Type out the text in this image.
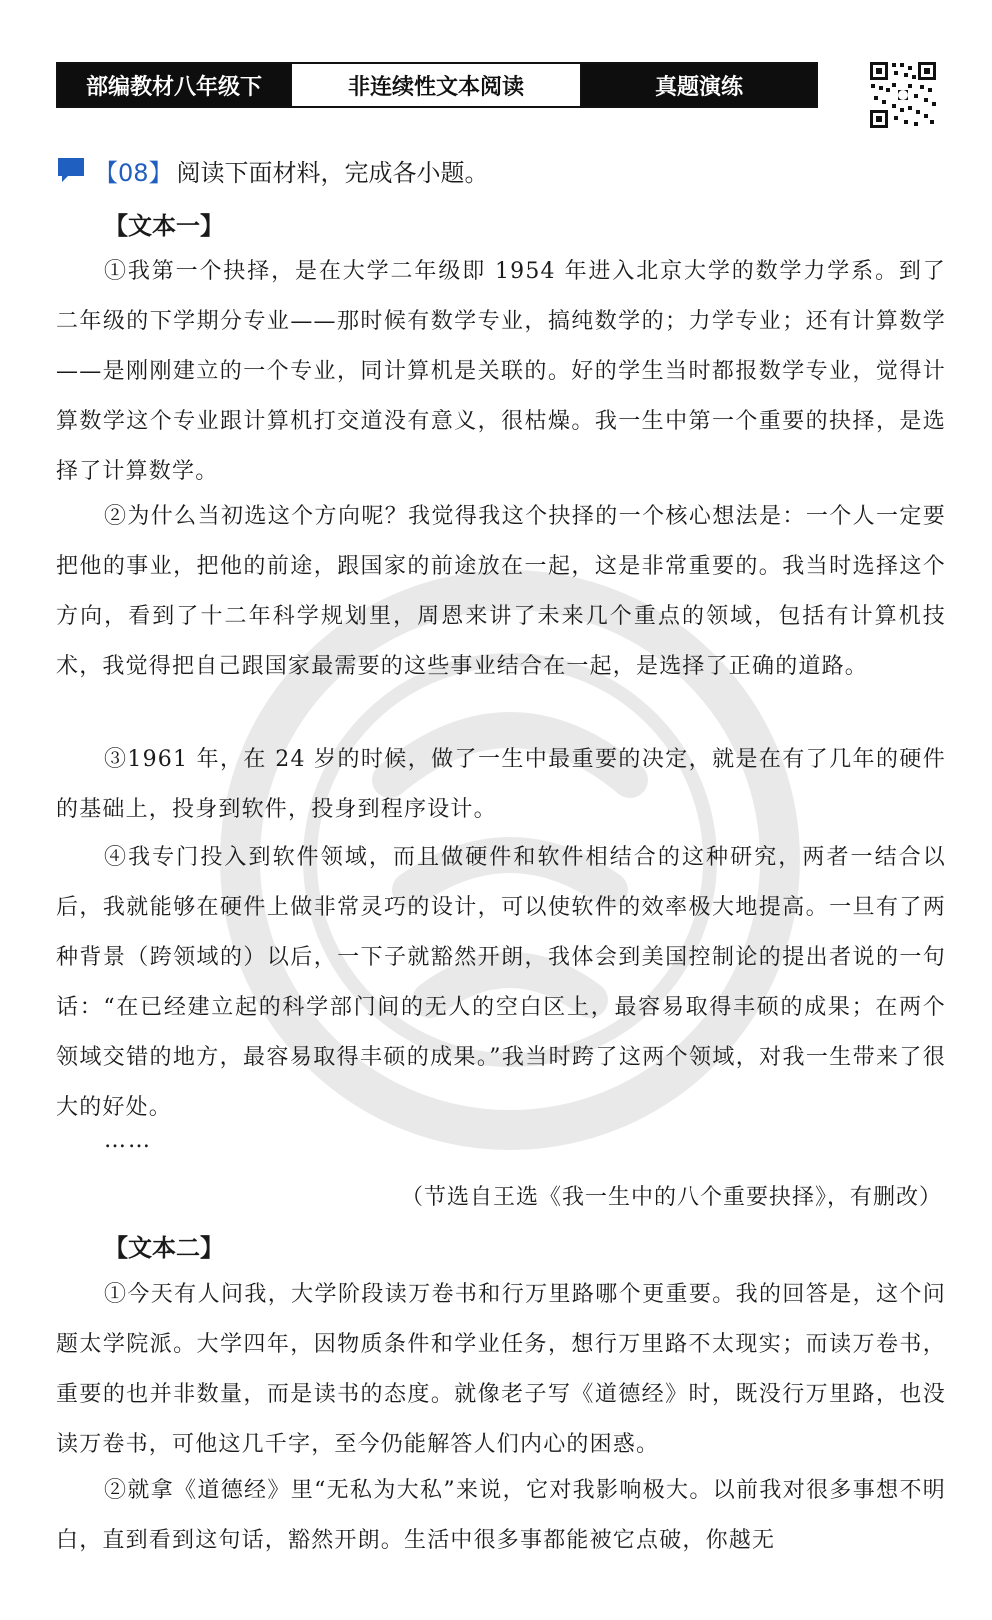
部编教材八年级下	非连续性文本阅读	真题演练
【08】 阅读下面材料，完成各小题。
【文本一】
①我第一个抉择，是在大学二年级即 1954 年进入北京大学的数学力学系。到了二年级的下学期分专业——那时候有数学专业，搞纯数学的；力学专业；还有计算数学——是刚刚建立的一个专业，同计算机是关联的。好的学生当时都报数学专业，觉得计算数学这个专业跟计算机打交道没有意义，很枯燥。我一生中第一个重要的抉择，是选择了计算数学。
②为什么当初选这个方向呢？我觉得我这个抉择的一个核心想法是：一个人一定要把他的事业，把他的前途，跟国家的前途放在一起，这是非常重要的。我当时选择这个方向，看到了十二年科学规划里，周恩来讲了未来几个重点的领域，包括有计算机技术，我觉得把自己跟国家最需要的这些事业结合在一起，是选择了正确的道路。
③1961 年，在 24 岁的时候，做了一生中最重要的决定，就是在有了几年的硬件的基础上，投身到软件，投身到程序设计。
④我专门投入到软件领域，而且做硬件和软件相结合的这种研究，两者一结合以后，我就能够在硬件上做非常灵巧的设计，可以使软件的效率极大地提高。一旦有了两种背景（跨领域的）以后，一下子就豁然开朗，我体会到美国控制论的提出者说的一句话：“在已经建立起的科学部门间的无人的空白区上，最容易取得丰硕的成果；在两个领域交错的地方，最容易取得丰硕的成果。”我当时跨了这两个领域，对我一生带来了很大的好处。
……
（节选自王选《我一生中的八个重要抉择》，有删改）
【文本二】
①今天有人问我，大学阶段读万卷书和行万里路哪个更重要。我的回答是，这个问题太学院派。大学四年，因物质条件和学业任务，想行万里路不太现实；而读万卷书，重要的也并非数量，而是读书的态度。就像老子写《道德经》时，既没行万里路，也没读万卷书，可他这几千字，至今仍能解答人们内心的困惑。
②就拿《道德经》里“无私为大私”来说，它对我影响极大。以前我对很多事想不明白，直到看到这句话，豁然开朗。生活中很多事都能被它点破，你越无
